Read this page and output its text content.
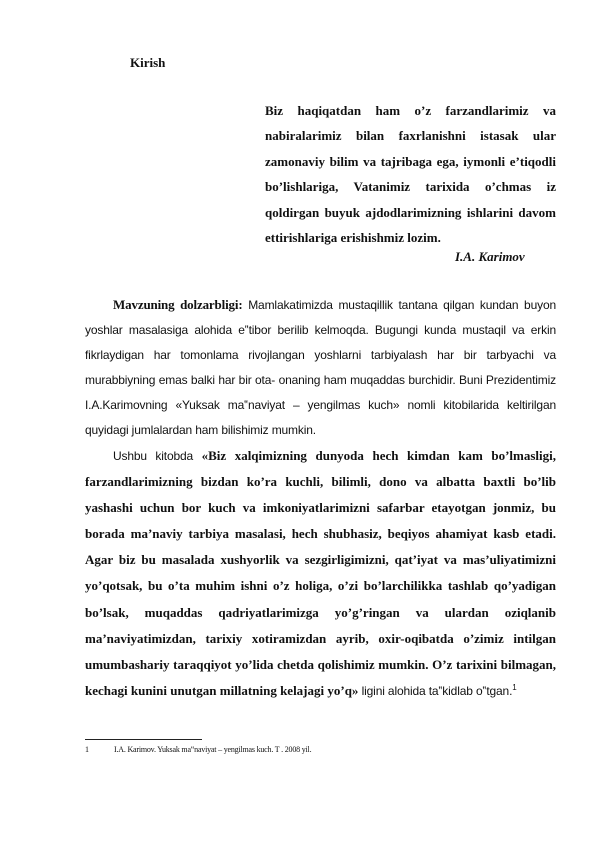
Kirish
Biz haqiqatdan ham o’z farzandlarimiz va nabiralarimiz bilan faxrlanishni istasak ular zamonaviy bilim va tajribaga ega, iymonli e’tiqodli bo’lishlariga, Vatanimiz tarixida o’chmas iz qoldirgan buyuk ajdodlarimizning ishlarini davom ettirishlariga erishishmiz lozim.
I.A. Karimov
Mavzuning dolzarbligi: Mamlakatimizda mustaqillik tantana qilgan kundan buyon yoshlar masalasiga alohida e‟tibor berilib kelmoqda. Bugungi kunda mustaqil va erkin fikrlaydigan har tomonlama rivojlangan yoshlarni tarbiyalash har bir tarbyachi va murabbiyning emas balki har bir ota- onaning ham muqaddas burchidir. Buni Prezidentimiz I.A.Karimovning «Yuksak ma‟naviyat – yengilmas kuch» nomli kitobilarida keltirilgan quyidagi jumlalardan ham bilishimiz mumkin.
Ushbu kitobda «Biz xalqimizning dunyoda hech kimdan kam bo’lmasligi, farzandlarimizning bizdan ko’ra kuchli, bilimli, dono va albatta baxtli bo’lib yashashi uchun bor kuch va imkoniyatlarimizni safarbar etayotgan jonmiz, bu borada ma’naviy tarbiya masalasi, hech shubhasiz, beqiyos ahamiyat kasb etadi. Agar biz bu masalada xushyorlik va sezgirligimizni, qat’iyat va mas’uliyatimizni yo’qotsak, bu o’ta muhim ishni o’z holiga, o’zi bo’larchilikka tashlab qo’yadigan bo’lsak, muqaddas qadriyatlarimizga yo’g’ringan va ulardan oziqlanib ma’naviyatimizdan, tarixiy xotiramizdan ayrib, oxir-oqibatda o’zimiz intilgan umumbashariy taraqqiyot yo’lida chetda qolishimiz mumkin. O’z tarixini bilmagan, kechagi kunini unutgan millatning kelajagi yo’q» ligini alohida ta‟kidlab o‟tgan.$^1$
1	I.A. Karimov. Yuksak ma‟naviyat – yengilmas kuch. T . 2008 yil.
